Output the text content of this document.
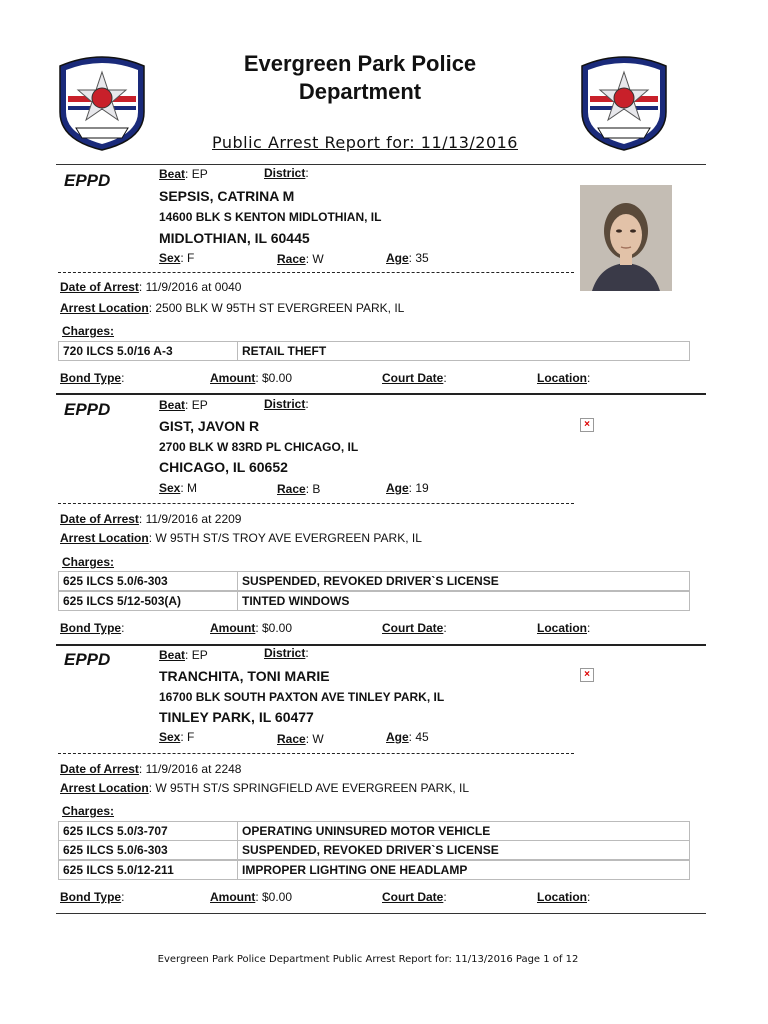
Evergreen Park Police
Department
Public Arrest Report for: 11/13/2016
EPPD	Beat: EP	District:
SEPSIS, CATRINA M
14600 BLK S KENTON MIDLOTHIAN, IL
MIDLOTHIAN, IL 60445
Sex: F	Race: W	Age: 35
Date of Arrest: 11/9/2016 at 0040
Arrest Location: 2500 BLK W 95TH ST EVERGREEN PARK, IL
Charges:
720 ILCS 5.0/16 A-3	RETAIL THEFT
Bond Type:	Amount: $0.00	Court Date:	Location:
EPPD	Beat: EP	District:
GIST, JAVON R
2700 BLK W 83RD PL CHICAGO, IL
CHICAGO, IL 60652
Sex: M	Race: B	Age: 19
×
Date of Arrest: 11/9/2016 at 2209
Arrest Location: W 95TH ST/S TROY AVE EVERGREEN PARK, IL
Charges:
625 ILCS 5.0/6-303	SUSPENDED, REVOKED DRIVER`S LICENSE
625 ILCS 5/12-503(A)	TINTED WINDOWS
Bond Type:	Amount: $0.00	Court Date:	Location:
EPPD	Beat: EP	District:
TRANCHITA, TONI MARIE
16700 BLK SOUTH PAXTON AVE TINLEY PARK, IL
TINLEY PARK, IL 60477
Sex: F	Race: W	Age: 45
×
Date of Arrest: 11/9/2016 at 2248
Arrest Location: W 95TH ST/S SPRINGFIELD AVE EVERGREEN PARK, IL
Charges:
625 ILCS 5.0/3-707	OPERATING UNINSURED MOTOR VEHICLE
625 ILCS 5.0/6-303	SUSPENDED, REVOKED DRIVER`S LICENSE
625 ILCS 5.0/12-211	IMPROPER LIGHTING ONE HEADLAMP
Bond Type:	Amount: $0.00	Court Date:	Location:
Evergreen Park Police Department Public Arrest Report for: 11/13/2016 Page 1 of 12
